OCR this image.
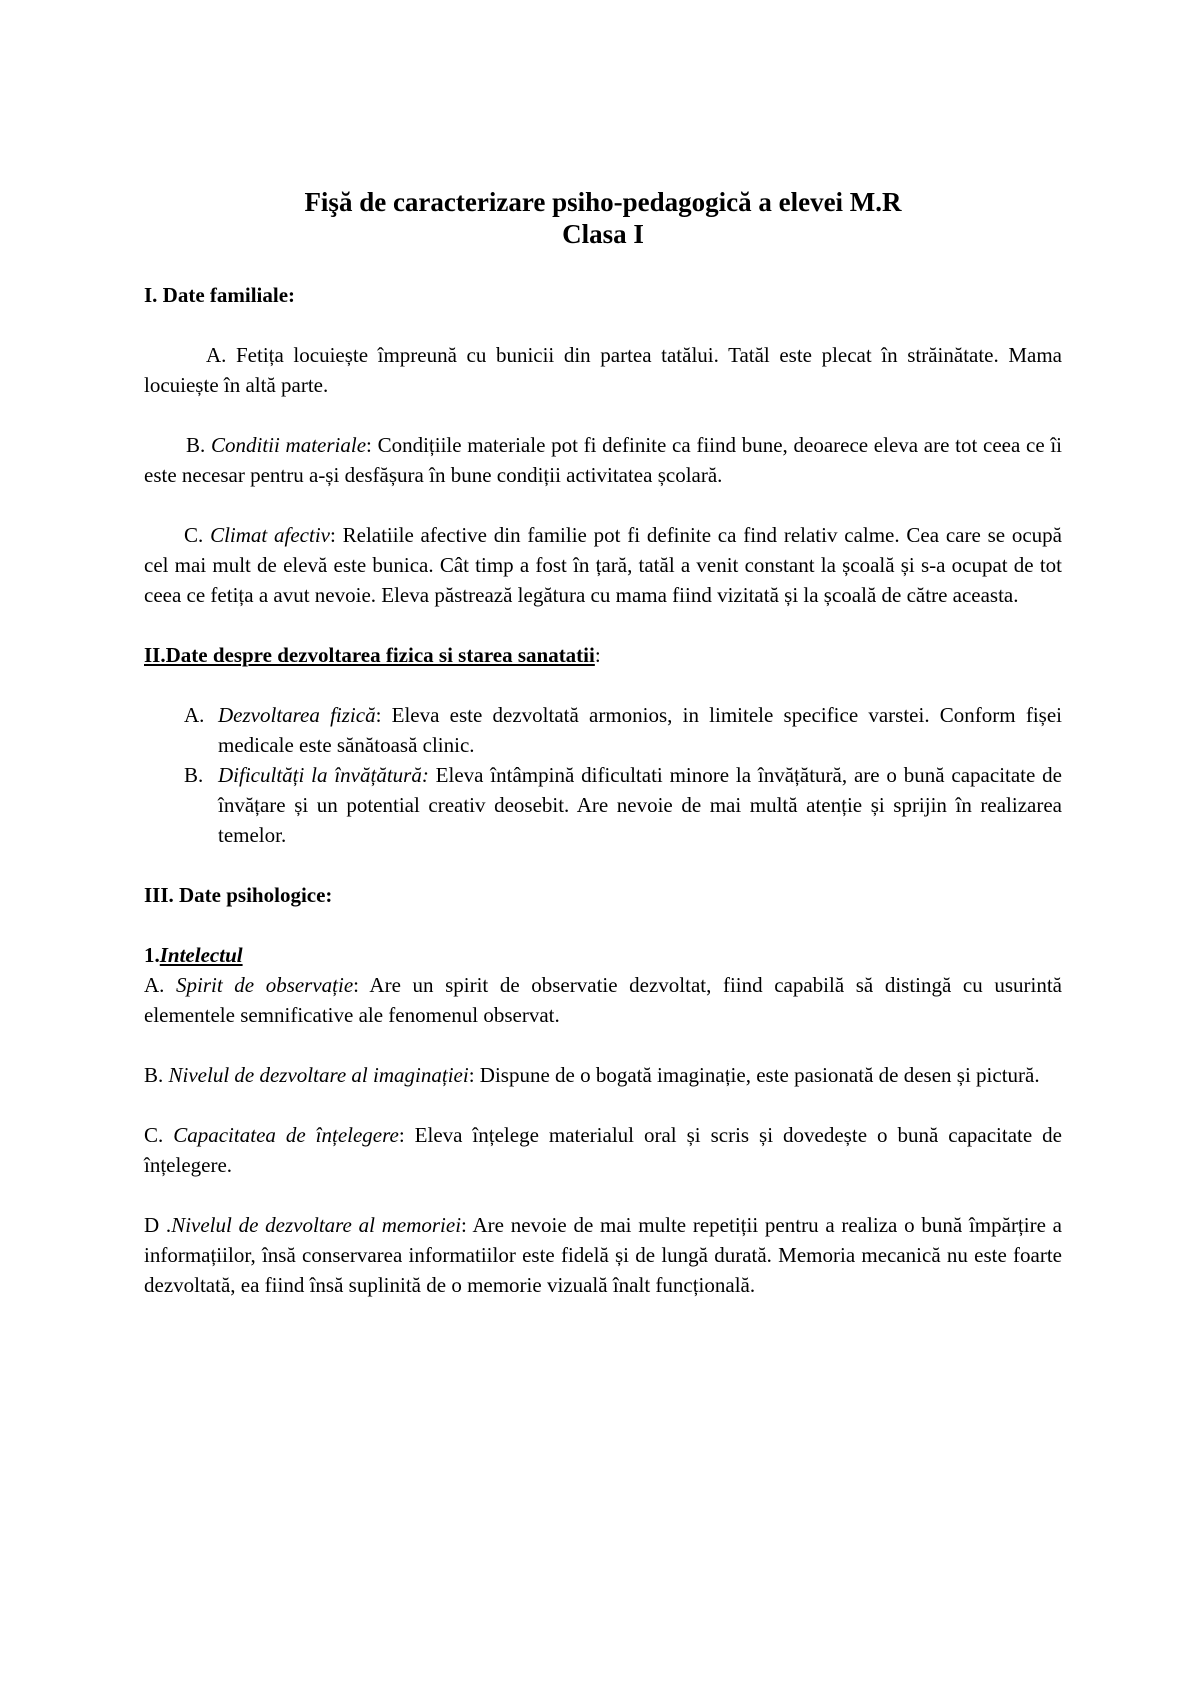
Fişă de caracterizare psiho-pedagogică a elevei M.R
Clasa I
I. Date familiale:
A. Fetița locuiește împreună cu bunicii din partea tatălui. Tatăl este plecat în străinătate. Mama locuiește în altă parte.
B. Conditii materiale: Condițiile materiale pot fi definite ca fiind bune, deoarece eleva are tot ceea ce îi este necesar pentru a-și desfășura în bune condiții activitatea școlară.
C. Climat afectiv: Relatiile afective din familie pot fi definite ca find relativ calme. Cea care se ocupă cel mai mult de elevă este bunica. Cât timp a fost în țară, tatăl a venit constant la școală și s-a ocupat de tot ceea ce fetița a avut nevoie. Eleva păstrează legătura cu mama fiind vizitată și la școală de către aceasta.
II.Date despre dezvoltarea fizica si starea sanatatii:
A. Dezvoltarea fizică: Eleva este dezvoltată armonios, in limitele specifice varstei. Conform fișei medicale este sănătoasă clinic.
B. Dificultăți la învățătură: Eleva întâmpină dificultati minore la învățătură, are o bună capacitate de învățare și un potential creativ deosebit. Are nevoie de mai multă atenție și sprijin în realizarea temelor.
III. Date psihologice:
1.Intelectul
A. Spirit de observație: Are un spirit de observatie dezvoltat, fiind capabilă să distingă cu usurintă elementele semnificative ale fenomenul observat.
B. Nivelul de dezvoltare al imaginației: Dispune de o bogată imaginație, este pasionată de desen și pictură.
C. Capacitatea de înțelegere: Eleva înțelege materialul oral și scris și dovedește o bună capacitate de înțelegere.
D .Nivelul de dezvoltare al memoriei: Are nevoie de mai multe repetiții pentru a realiza o bună împărțire a informațiilor, însă conservarea informatiilor este fidelă și de lungă durată. Memoria mecanică nu este foarte dezvoltată, ea fiind însă suplinită de o memorie vizuală înalt funcțională.
